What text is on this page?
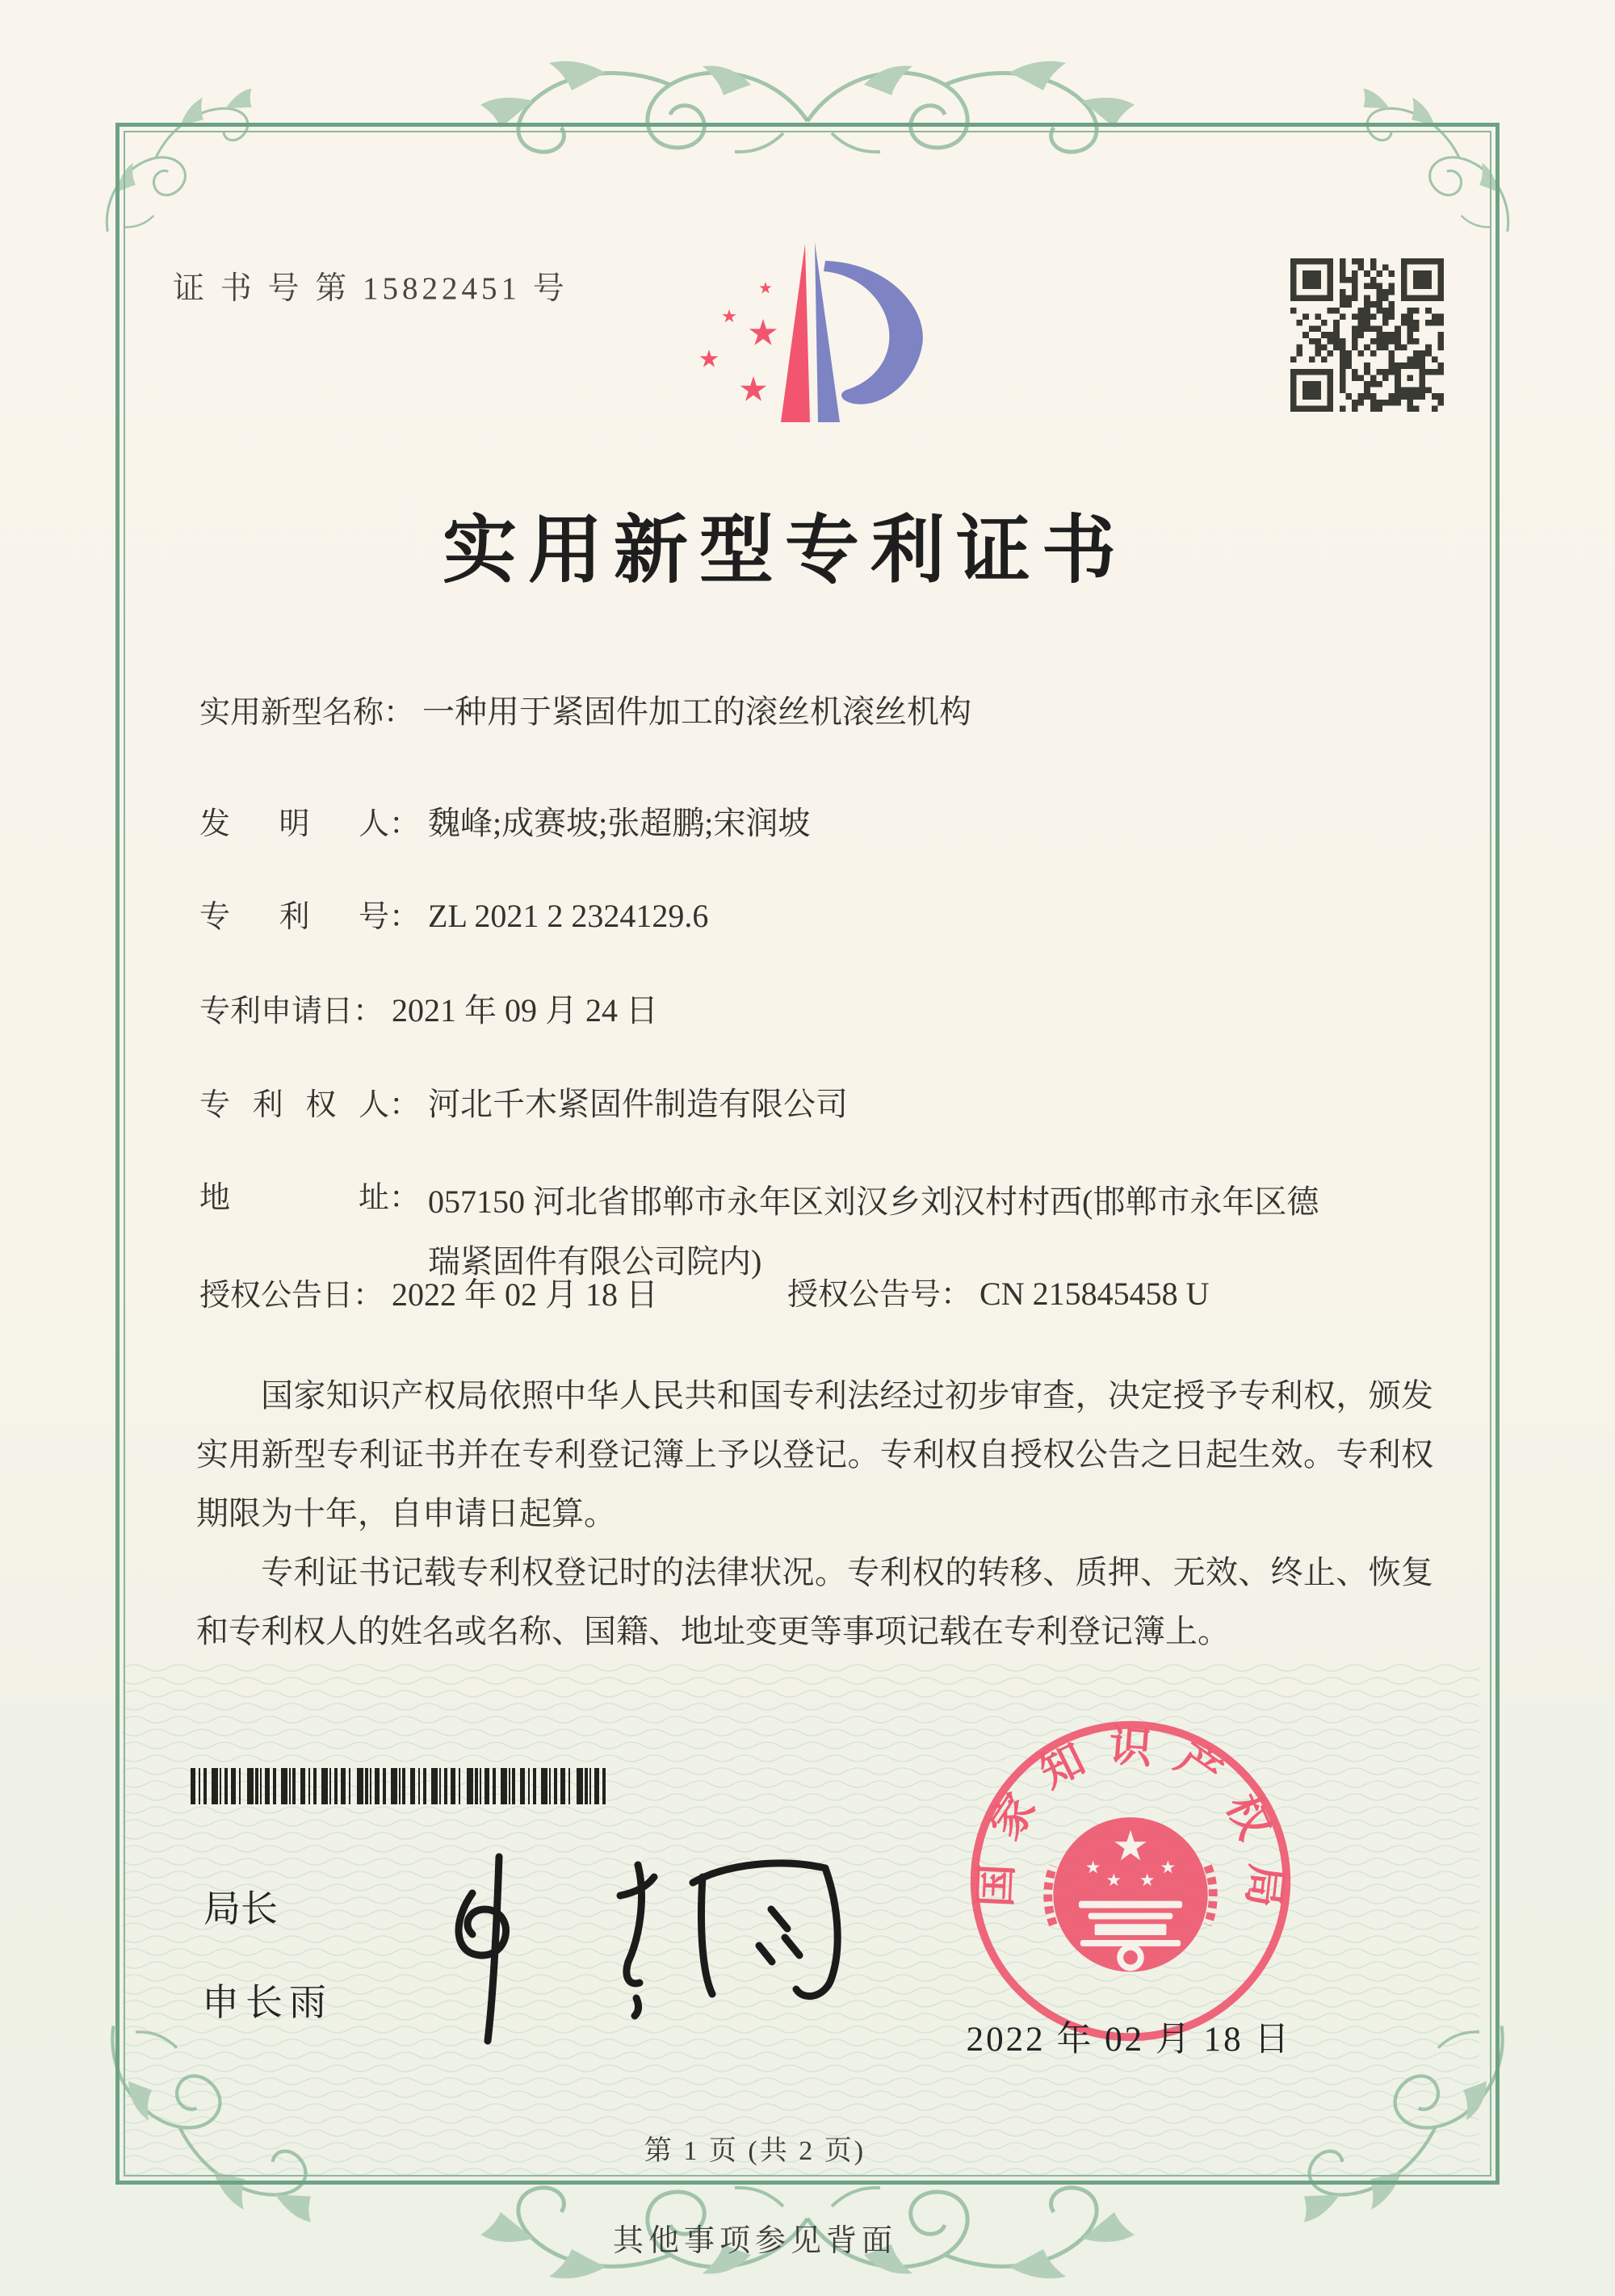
证 书 号 第 15822451 号
实用新型专利证书
实用新型名称： 一种用于紧固件加工的滚丝机滚丝机构
发明人： 魏峰;成赛坡;张超鹏;宋润坡
专利号： ZL 2021 2 2324129.6
专利申请日： 2021 年 09 月 24 日
专利权人： 河北千木紧固件制造有限公司
地址： 057150 河北省邯郸市永年区刘汉乡刘汉村村西(邯郸市永年区德瑞紧固件有限公司院内)
授权公告日： 2022 年 02 月 18 日	授权公告号： CN 215845458 U

国家知识产权局依照中华人民共和国专利法经过初步审查，决定授予专利权，颁发实用新型专利证书并在专利登记簿上予以登记。专利权自授权公告之日起生效。专利权期限为十年，自申请日起算。

专利证书记载专利权登记时的法律状况。专利权的转移、质押、无效、终止、恢复和专利权人的姓名或名称、国籍、地址变更等事项记载在专利登记簿上。

局长
申长雨
国家知识产权局
2022 年 02 月 18 日
第 1 页 (共 2 页)
其他事项参见背面
